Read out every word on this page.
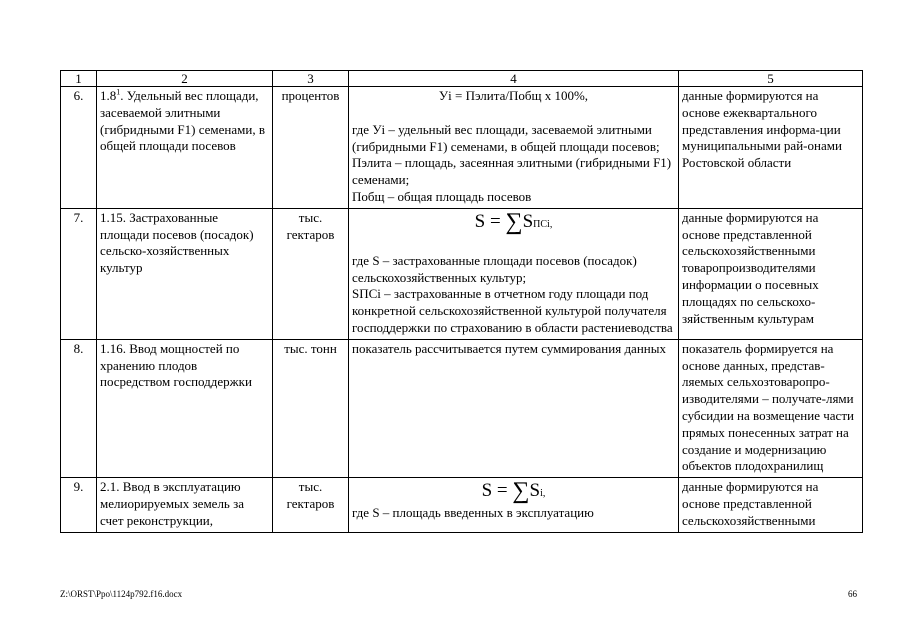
1	2	3	4	5
6.	$1.8^1$. Удельный вес площади, засеваемой элитными (гибридными F1) семенами, в общей площади посевов	процентов	Уi = Пэлита/Побщ x 100%,
где Уi – удельный вес площади, засеваемой элитными (гибридными F1) семенами, в общей площади посевов;
Пэлита – площадь, засеянная элитными (гибридными F1) семенами;
Побщ – общая площадь посевов	данные формируются на основе ежеквартального представления информа-ции муниципальными рай-онами Ростовской области
7.	1.15. Застрахованные площади посевов (посадок) сельско-хозяйственных культур	тыс. гектаров	S = ∑SПСi,
где S – застрахованные площади посевов (посадок) сельскохозяйственных культур;
SПСi – застрахованные в отчетном году площади под конкретной сельскохозяйственной культурой получателя господдержки по страхованию в области растениеводства	данные формируются на основе представленной сельскохозяйственными товаропроизводителями информации о посевных площадях по сельскохо-зяйственным культурам
8.	1.16. Ввод мощностей по хранению плодов посредством господдержки	тыс. тонн	показатель рассчитывается путем суммирования данных	показатель формируется на основе данных, представ-ляемых сельхозтоваропро-изводителями – получате-лями субсидии на возмещение части прямых понесенных затрат на создание и модернизацию объектов плодохранилищ
9.	2.1. Ввод в эксплуатацию мелиорируемых земель за счет реконструкции,	тыс. гектаров	S = ∑Si,
где S – площадь введенных в эксплуатацию	данные формируются на основе представленной сельскохозяйственными
Z:\ORST\Ppo\1124p792.f16.docx	66
